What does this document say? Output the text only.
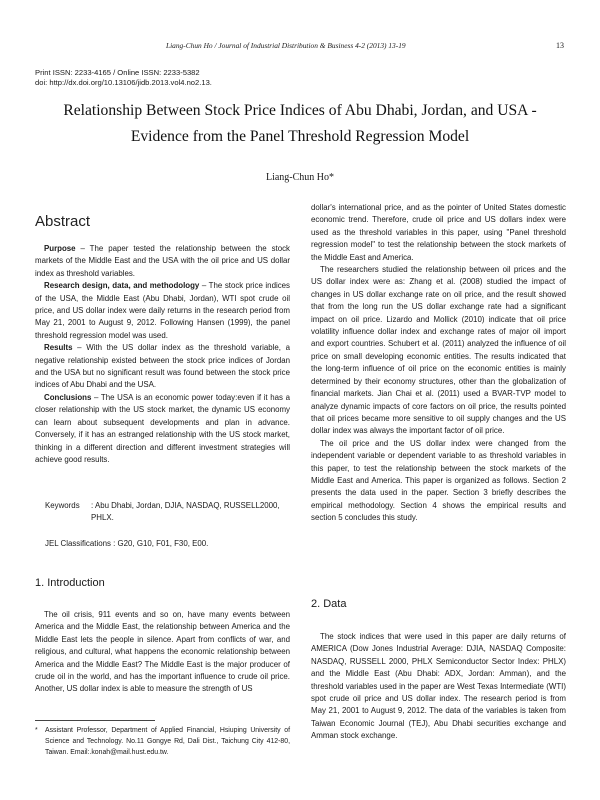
Liang-Chun Ho / Journal of Industrial Distribution & Business 4-2 (2013) 13-19	13
Print ISSN: 2233-4165 / Online ISSN: 2233-5382
doi: http://dx.doi.org/10.13106/jidb.2013.vol4.no2.13.
Relationship Between Stock Price Indices of Abu Dhabi, Jordan, and USA -
Evidence from the Panel Threshold Regression Model
Liang-Chun Ho*
Abstract

Purpose – The paper tested the relationship between the stock markets of the Middle East and the USA with the oil price and US dollar index as threshold variables.

Research design, data, and methodology – The stock price indices of the USA, the Middle East (Abu Dhabi, Jordan), WTI spot crude oil price, and US dollar index were daily returns in the research period from May 21, 2001 to August 9, 2012. Following Hansen (1999), the panel threshold regression model was used.

Results – With the US dollar index as the threshold variable, a negative relationship existed between the stock price indices of Jordan and the USA but no significant result was found between the stock price indices of Abu Dhabi and the USA.

Conclusions – The USA is an economic power today:even if it has a closer relationship with the US stock market, the dynamic US economy can learn about subsequent developments and plan in advance. Conversely, if it has an estranged relationship with the US stock market, thinking in a different direction and different investment strategies will achieve good results.

Keywords : Abu Dhabi, Jordan, DJIA, NASDAQ, RUSSELL2000, PHLX.
JEL Classifications : G20, G10, F01, F30, E00.
1. Introduction

The oil crisis, 911 events and so on, have many events between America and the Middle East, the relationship between America and the Middle East lets the people in silence. Apart from conflicts of war, and religious, and cultural, what happens the economic relationship between America and the Middle East? The Middle East is the major producer of crude oil in the world, and has the important influence to crude oil price. Another, US dollar index is able to measure the strength of US

* Assistant Professor, Department of Applied Financial, Hsiuping University of Science and Technology. No.11 Gongye Rd, Dali Dist., Taichung City 412-80, Taiwan. Email:.konah@mail.hust.edu.tw.

dollar's international price, and as the pointer of United States domestic economic trend. Therefore, crude oil price and US dollars index were used as the threshold variables in this paper, using "Panel threshold regression model" to test the relationship between the stock markets of the Middle East and America.

The researchers studied the relationship between oil prices and the US dollar index were as: Zhang et al. (2008) studied the impact of changes in US dollar exchange rate on oil price, and the result showed that from the long run the US dollar exchange rate had a significant impact on oil price. Lizardo and Mollick (2010) indicate that oil price volatility influence dollar index and exchange rates of major oil import and export countries. Schubert et al. (2011) analyzed the influence of oil price on small developing economic entities. The results indicated that the long-term influence of oil price on the economic entities is mainly determined by their economy structures, other than the globalization of financial markets. Jian Chai et al. (2011) used a BVAR-TVP model to analyze dynamic impacts of core factors on oil price, the results pointed that oil prices became more sensitive to oil supply changes and the US dollar index was always the important factor of oil price.

The oil price and the US dollar index were changed from the independent variable or dependent variable to as threshold variables in this paper, to test the relationship between the stock markets of the Middle East and America. This paper is organized as follows. Section 2 presents the data used in the paper. Section 3 briefly describes the empirical methodology. Section 4 shows the empirical results and section 5 concludes this study.

2. Data

The stock indices that were used in this paper are daily returns of AMERICA (Dow Jones Industrial Average: DJIA, NASDAQ Composite: NASDAQ, RUSSELL 2000, PHLX Semiconductor Sector Index: PHLX) and the Middle East (Abu Dhabi: ADX, Jordan: Amman), and the threshold variables used in the paper are West Texas Intermediate (WTI) spot crude oil price and US dollar index. The research period is from May 21, 2001 to August 9, 2012. The data of the variables is taken from Taiwan Economic Journal (TEJ), Abu Dhabi securities exchange and Amman stock exchange.
